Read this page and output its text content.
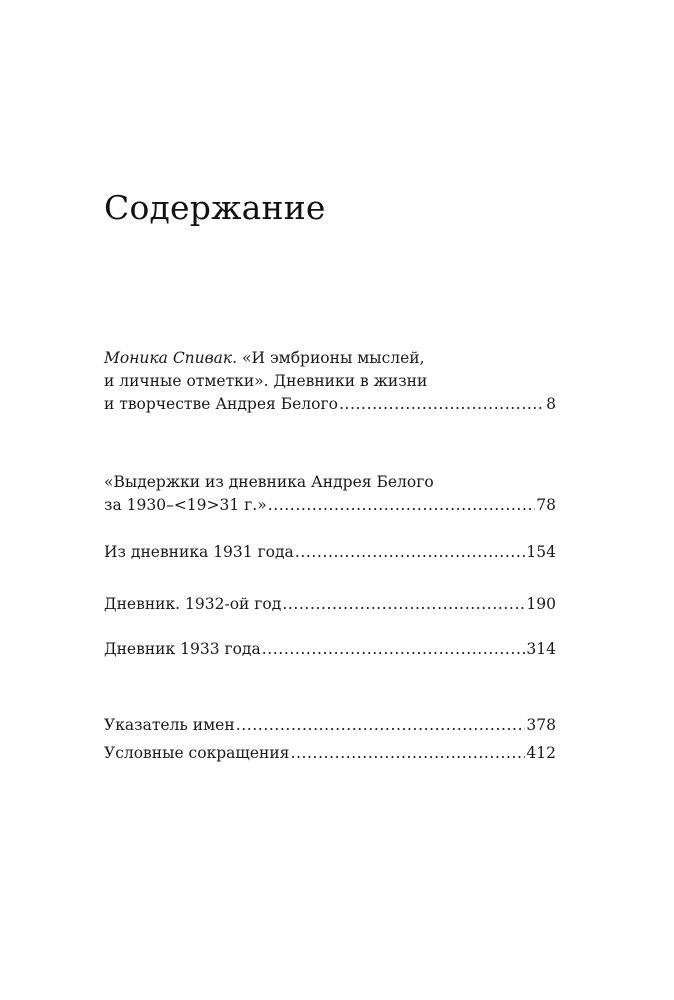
Содержание
Моника Спивак. «И эмбрионы мыслей,
и личные отметки». Дневники в жизни
и творчестве Андрея Белого .....	8
«Выдержки из дневника Андрея Белого
за 1930–<19>31 г.» .....	78
Из дневника 1931 года .....	154
Дневник. 1932-ой год .....	190
Дневник 1933 года .....	314
Указатель имен .....	378
Условные сокращения .....	412
